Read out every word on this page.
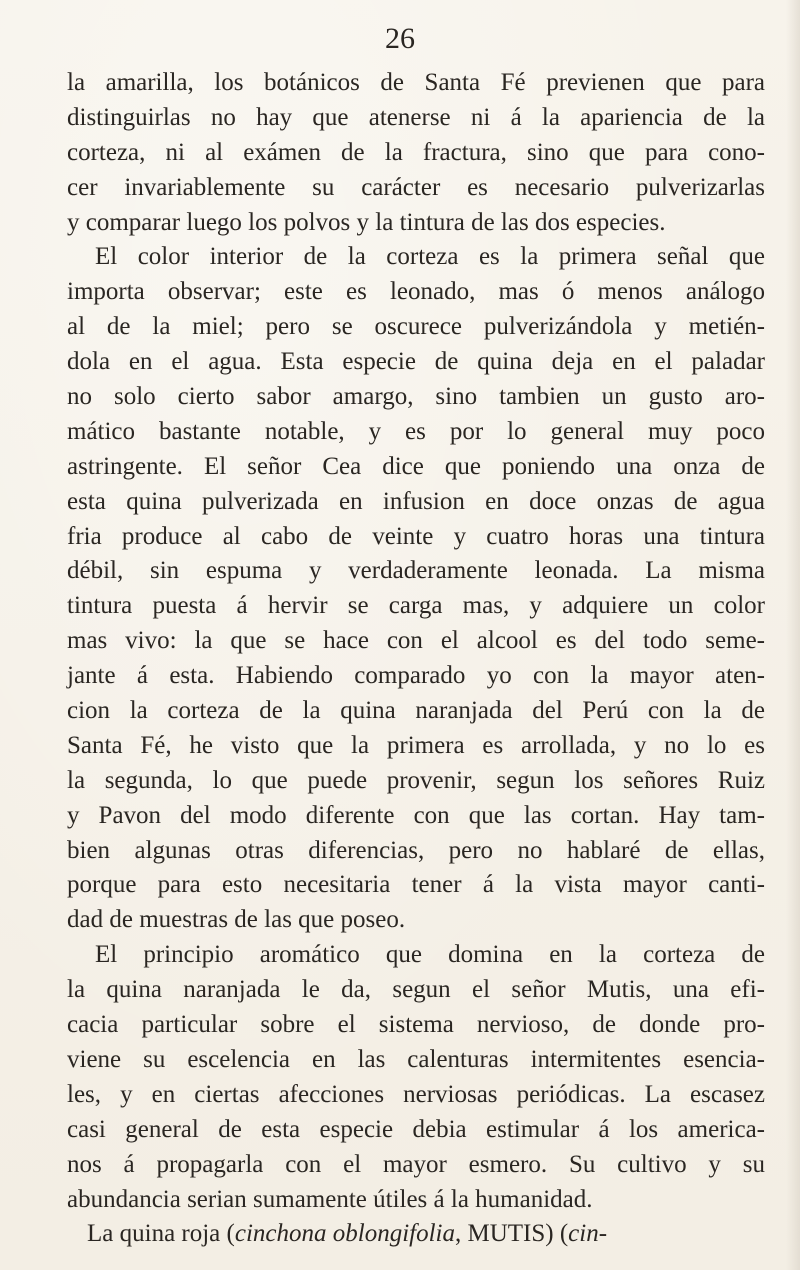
26
la amarilla, los botánicos de Santa Fé previenen que para
distinguirlas no hay que atenerse ni á la apariencia de la
corteza, ni al exámen de la fractura, sino que para cono-
cer invariablemente su carácter es necesario pulverizarlas
y comparar luego los polvos y la tintura de las dos especies.
El color interior de la corteza es la primera señal que
importa observar; este es leonado, mas ó menos análogo
al de la miel; pero se oscurece pulverizándola y metién-
dola en el agua. Esta especie de quina deja en el paladar
no solo cierto sabor amargo, sino tambien un gusto aro-
mático bastante notable, y es por lo general muy poco
astringente. El señor Cea dice que poniendo una onza de
esta quina pulverizada en infusion en doce onzas de agua
fria produce al cabo de veinte y cuatro horas una tintura
débil, sin espuma y verdaderamente leonada. La misma
tintura puesta á hervir se carga mas, y adquiere un color
mas vivo: la que se hace con el alcool es del todo seme-
jante á esta. Habiendo comparado yo con la mayor aten-
cion la corteza de la quina naranjada del Perú con la de
Santa Fé, he visto que la primera es arrollada, y no lo es
la segunda, lo que puede provenir, segun los señores Ruiz
y Pavon del modo diferente con que las cortan. Hay tam-
bien algunas otras diferencias, pero no hablaré de ellas,
porque para esto necesitaria tener á la vista mayor canti-
dad de muestras de las que poseo.
El principio aromático que domina en la corteza de
la quina naranjada le da, segun el señor Mutis, una efi-
cacia particular sobre el sistema nervioso, de donde pro-
viene su escelencia en las calenturas intermitentes esencia-
les, y en ciertas afecciones nerviosas periódicas. La escasez
casi general de esta especie debia estimular á los america-
nos á propagarla con el mayor esmero. Su cultivo y su
abundancia serian sumamente útiles á la humanidad.
La quina roja (cinchona oblongifolia, MUTIS) (cin-
